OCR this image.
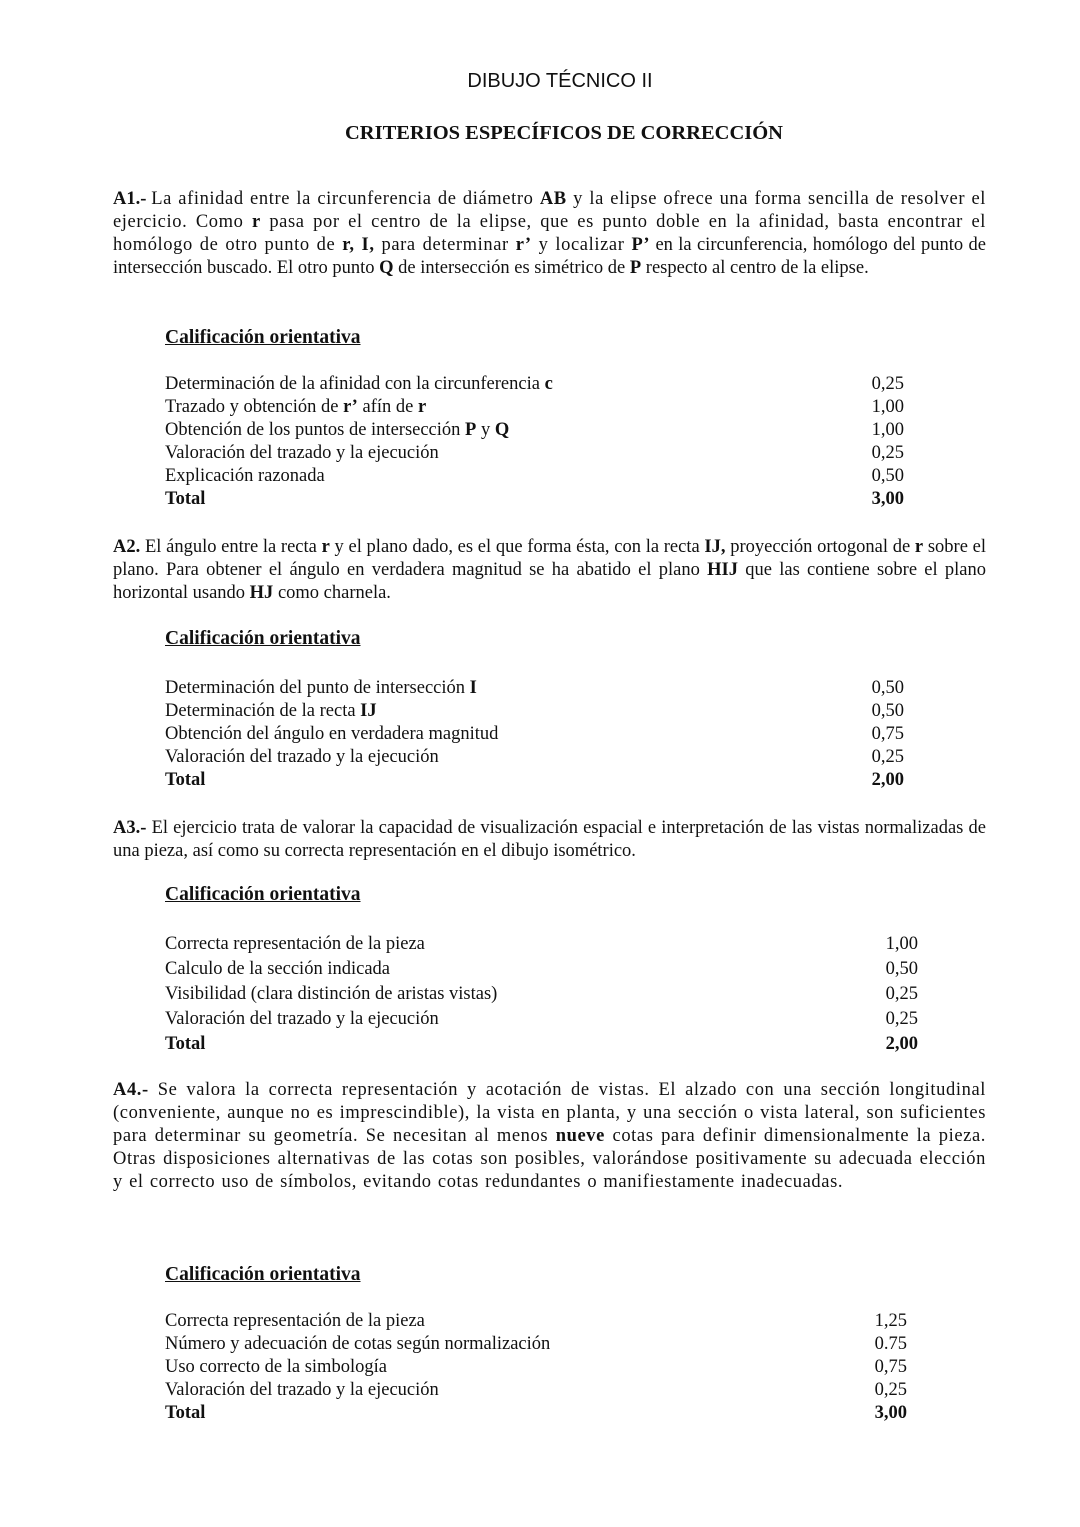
DIBUJO TÉCNICO II
CRITERIOS ESPECÍFICOS DE CORRECCIÓN

A1.- La afinidad entre la circunferencia de diámetro AB y la elipse ofrece una forma sencilla de resolver el ejercicio. Como r pasa por el centro de la elipse, que es punto doble en la afinidad, basta encontrar el homólogo de otro punto de r, I, para determinar r’ y localizar P’ en la circunferencia, homólogo del punto de intersección buscado. El otro punto Q de intersección es simétrico de P respecto al centro de la elipse.

Calificación orientativa
Determinación de la afinidad con la circunferencia c	0,25
Trazado y obtención de r’ afín de r	1,00
Obtención de los puntos de intersección P y Q	1,00
Valoración del trazado y la ejecución	0,25
Explicación razonada	0,50
Total	3,00

A2. El ángulo entre la recta r y el plano dado, es el que forma ésta, con la recta IJ, proyección ortogonal de r sobre el plano. Para obtener el ángulo en verdadera magnitud se ha abatido el plano HIJ que las contiene sobre el plano horizontal usando HJ como charnela.

Calificación orientativa
Determinación del punto de intersección I	0,50
Determinación de la recta IJ	0,50
Obtención del ángulo en verdadera magnitud	0,75
Valoración del trazado y la ejecución	0,25
Total	2,00

A3.- El ejercicio trata de valorar la capacidad de visualización espacial e interpretación de las vistas normalizadas de una pieza, así como su correcta representación en el dibujo isométrico.

Calificación orientativa
Correcta representación de la pieza	1,00
Calculo de la sección indicada	0,50
Visibilidad (clara distinción de aristas vistas)	0,25
Valoración del trazado y la ejecución	0,25
Total	2,00

A4.- Se valora la correcta representación y acotación de vistas. El alzado con una sección longitudinal (conveniente, aunque no es imprescindible), la vista en planta, y una sección o vista lateral, son suficientes para determinar su geometría. Se necesitan al menos nueve cotas para definir dimensionalmente la pieza. Otras disposiciones alternativas de las cotas son posibles, valorándose positivamente su adecuada elección y el correcto uso de símbolos, evitando cotas redundantes o manifiestamente inadecuadas.

Calificación orientativa
Correcta representación de la pieza	1,25
Número y adecuación de cotas según normalización	0.75
Uso correcto de la simbología	0,75
Valoración del trazado y la ejecución	0,25
Total	3,00
